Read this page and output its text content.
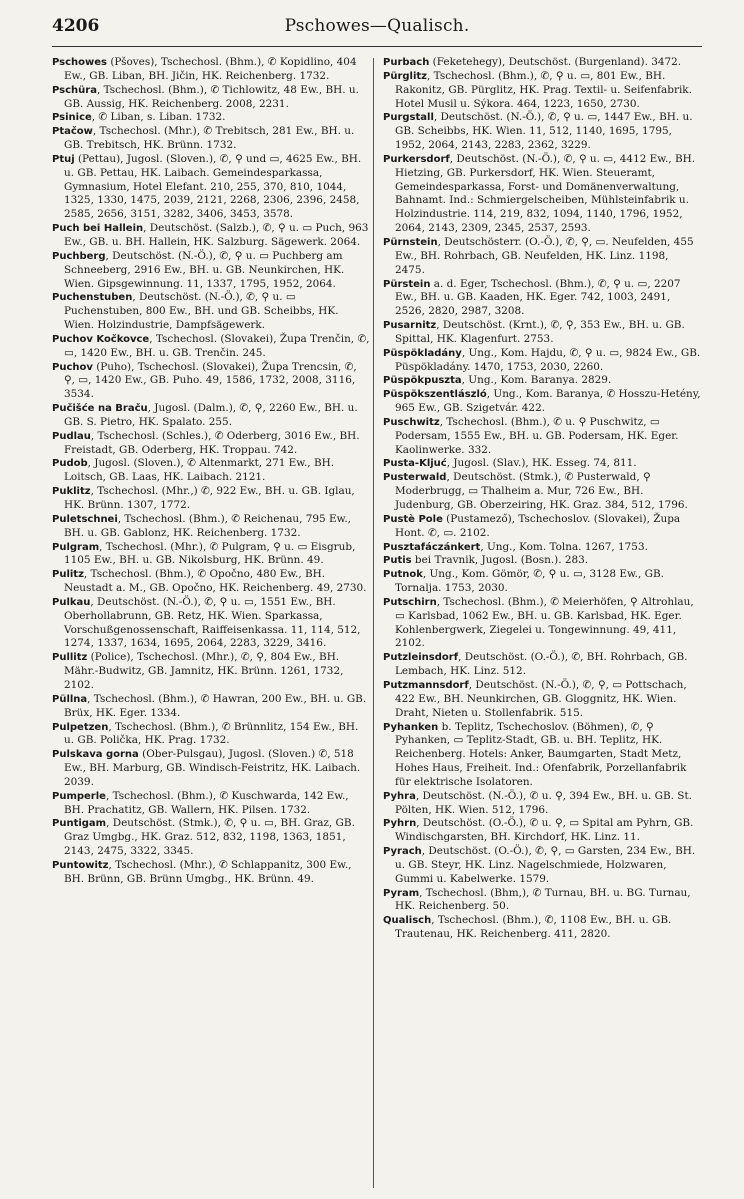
4206	Pschowes—Qualisch.

Pschowes (Pšoves), Tschechosl. (Bhm.), ✆ Kopidlino, 404 Ew., GB. Liban, BH. Jičin, HK. Reichenberg. 1732.

Pschüra, Tschechosl. (Bhm.), ✆ Tichlowitz, 48 Ew., BH. u. GB. Aussig, HK. Reichenberg. 2008, 2231.

Psinice, ✆ Liban, s. Liban. 1732.

Ptačow, Tschechosl. (Mhr.), ✆ Trebitsch, 281 Ew., BH. u. GB. Trebitsch, HK. Brünn. 1732.

Ptuj (Pettau), Jugosl. (Sloven.), ✆, ⚲ und ▭, 4625 Ew., BH. u. GB. Pettau, HK. Laibach. Gemeindesparkassa, Gymnasium, Hotel Elefant. 210, 255, 370, 810, 1044, 1325, 1330, 1475, 2039, 2121, 2268, 2306, 2396, 2458, 2585, 2656, 3151, 3282, 3406, 3453, 3578.

Puch bei Hallein, Deutschöst. (Salzb.), ✆, ⚲ u. ▭ Puch, 963 Ew., GB. u. BH. Hallein, HK. Salzburg. Sägewerk. 2064.

Puchberg, Deutschöst. (N.-Ö.), ✆, ⚲ u. ▭ Puchberg am Schneeberg, 2916 Ew., BH. u. GB. Neunkirchen, HK. Wien. Gipsgewinnung. 11, 1337, 1795, 1952, 2064.

Puchenstuben, Deutschöst. (N.-Ö.), ✆, ⚲ u. ▭ Puchenstuben, 800 Ew., BH. und GB. Scheibbs, HK. Wien. Holzindustrie, Dampfsägewerk.

Puchov Kočkovce, Tschechosl. (Slovakei), Župa Trenčin, ✆, ▭, 1420 Ew., BH. u. GB. Trenčin. 245.

Puchov (Puho), Tschechosl. (Slovakei), Župa Trencsin, ✆, ⚲, ▭, 1420 Ew., GB. Puho. 49, 1586, 1732, 2008, 3116, 3534.

Pučišće na Braču, Jugosl. (Dalm.), ✆, ⚲, 2260 Ew., BH. u. GB. S. Pietro, HK. Spalato. 255.

Pudlau, Tschechosl. (Schles.), ✆ Oderberg, 3016 Ew., BH. Freistadt, GB. Oderberg, HK. Troppau. 742.

Pudob, Jugosl. (Sloven.), ✆ Altenmarkt, 271 Ew., BH. Loitsch, GB. Laas, HK. Laibach. 2121.

Puklitz, Tschechosl. (Mhr.,) ✆, 922 Ew., BH. u. GB. Iglau, HK. Brünn. 1307, 1772.

Puletschnei, Tschechosl. (Bhm.), ✆ Reichenau, 795 Ew., BH. u. GB. Gablonz, HK. Reichenberg. 1732.

Pulgram, Tschechosl. (Mhr.), ✆ Pulgram, ⚲ u. ▭ Eisgrub, 1105 Ew., BH. u. GB. Nikolsburg, HK. Brünn. 49.

Pulitz, Tschechosl. (Bhm.), ✆ Opočno, 480 Ew., BH. Neustadt a. M., GB. Opočno, HK. Reichenberg. 49, 2730.

Pulkau, Deutschöst. (N.-Ö.), ✆, ⚲ u. ▭, 1551 Ew., BH. Oberhollabrunn, GB. Retz, HK. Wien. Sparkassa, Vorschußgenossenschaft, Raiffeisenkassa. 11, 114, 512, 1274, 1337, 1634, 1695, 2064, 2283, 3229, 3416.

Pullitz (Police), Tschechosl. (Mhr.), ✆, ⚲, 804 Ew., BH. Mähr.-Budwitz, GB. Jamnitz, HK. Brünn. 1261, 1732, 2102.

Püllna, Tschechosl. (Bhm.), ✆ Hawran, 200 Ew., BH. u. GB. Brüx, HK. Eger. 1334.

Pulpetzen, Tschechosl. (Bhm.), ✆ Brünnlitz, 154 Ew., BH. u. GB. Polička, HK. Prag. 1732.

Pulskava gorna (Ober-Pulsgau), Jugosl. (Sloven.) ✆, 518 Ew., BH. Marburg, GB. Windisch-Feistritz, HK. Laibach. 2039.

Pumperle, Tschechosl. (Bhm.), ✆ Kuschwarda, 142 Ew., BH. Prachatitz, GB. Wallern, HK. Pilsen. 1732.

Puntigam, Deutschöst. (Stmk.), ✆, ⚲ u. ▭, BH. Graz, GB. Graz Umgbg., HK. Graz. 512, 832, 1198, 1363, 1851, 2143, 2475, 3322, 3345.

Puntowitz, Tschechosl. (Mhr.), ✆ Schlappanitz, 300 Ew., BH. Brünn, GB. Brünn Umgbg., HK. Brünn. 49.

Purbach (Feketehegy), Deutschöst. (Burgenland). 3472.

Pürglitz, Tschechosl. (Bhm.), ✆, ⚲ u. ▭, 801 Ew., BH. Rakonitz, GB. Pürglitz, HK. Prag. Textil- u. Seifenfabrik. Hotel Musil u. Sýkora. 464, 1223, 1650, 2730.

Purgstall, Deutschöst. (N.-Ö.), ✆, ⚲ u. ▭, 1447 Ew., BH. u. GB. Scheibbs, HK. Wien. 11, 512, 1140, 1695, 1795, 1952, 2064, 2143, 2283, 2362, 3229.

Purkersdorf, Deutschöst. (N.-Ö.), ✆, ⚲ u. ▭, 4412 Ew., BH. Hietzing, GB. Purkersdorf, HK. Wien. Steueramt, Gemeindesparkassa, Forst- und Domänenverwaltung, Bahnamt. Ind.: Schmiergelscheiben, Mühlsteinfabrik u. Holzindustrie. 114, 219, 832, 1094, 1140, 1796, 1952, 2064, 2143, 2309, 2345, 2537, 2593.

Pürnstein, Deutschösterr. (O.-Ö.), ✆, ⚲, ▭. Neufelden, 455 Ew., BH. Rohrbach, GB. Neufelden, HK. Linz. 1198, 2475.

Pürstein a. d. Eger, Tschechosl. (Bhm.), ✆, ⚲ u. ▭, 2207 Ew., BH. u. GB. Kaaden, HK. Eger. 742, 1003, 2491, 2526, 2820, 2987, 3208.

Pusarnitz, Deutschöst. (Krnt.), ✆, ⚲, 353 Ew., BH. u. GB. Spittal, HK. Klagenfurt. 2753.

Püspökladány, Ung., Kom. Hajdu, ✆, ⚲ u. ▭, 9824 Ew., GB. Püspökladány. 1470, 1753, 2030, 2260.

Püspökpuszta, Ung., Kom. Baranya. 2829.

Püspökszentlászló, Ung., Kom. Baranya, ✆ Hosszu-Hetény, 965 Ew., GB. Szigetvár. 422.

Puschwitz, Tschechosl. (Bhm.), ✆ u. ⚲ Puschwitz, ▭ Podersam, 1555 Ew., BH. u. GB. Podersam, HK. Eger. Kaolinwerke. 332.

Pusta-Kljuć, Jugosl. (Slav.), HK. Esseg. 74, 811.

Pusterwald, Deutschöst. (Stmk.), ✆ Pusterwald, ⚲ Moderbrugg, ▭ Thalheim a. Mur, 726 Ew., BH. Judenburg, GB. Oberzeiring, HK. Graz. 384, 512, 1796.

Pustè Pole (Pustamező), Tschechoslov. (Slovakei), Župa Hont. ✆, ▭. 2102.

Pusztafáczánkert, Ung., Kom. Tolna. 1267, 1753.

Putis bei Travnik, Jugosl. (Bosn.). 283.

Putnok, Ung., Kom. Gömör, ✆, ⚲ u. ▭, 3128 Ew., GB. Tornalja. 1753, 2030.

Putschirn, Tschechosl. (Bhm.), ✆ Meierhöfen, ⚲ Altrohlau, ▭ Karlsbad, 1062 Ew., BH. u. GB. Karlsbad, HK. Eger. Kohlenbergwerk, Ziegelei u. Tongewinnung. 49, 411, 2102.

Putzleinsdorf, Deutschöst. (O.-Ö.), ✆, BH. Rohrbach, GB. Lembach, HK. Linz. 512.

Putzmannsdorf, Deutschöst. (N.-Ö.), ✆, ⚲, ▭ Pottschach, 422 Ew., BH. Neunkirchen, GB. Gloggnitz, HK. Wien. Draht, Nieten u. Stollenfabrik. 515.

Pyhanken b. Teplitz, Tschechoslov. (Böhmen), ✆, ⚲ Pyhanken, ▭ Teplitz-Stadt, GB. u. BH. Teplitz, HK. Reichenberg. Hotels: Anker, Baumgarten, Stadt Metz, Hohes Haus, Freiheit. Ind.: Ofenfabrik, Porzellanfabrik für elektrische Isolatoren.

Pyhra, Deutschöst. (N.-Ö.), ✆ u. ⚲, 394 Ew., BH. u. GB. St. Pölten, HK. Wien. 512, 1796.

Pyhrn, Deutschöst. (O.-Ö.), ✆ u. ⚲, ▭ Spital am Pyhrn, GB. Windischgarsten, BH. Kirchdorf, HK. Linz. 11.

Pyrach, Deutschöst. (O.-Ö.), ✆, ⚲, ▭ Garsten, 234 Ew., BH. u. GB. Steyr, HK. Linz. Nagelschmiede, Holzwaren, Gummi u. Kabelwerke. 1579.

Pyram, Tschechosl. (Bhm,), ✆ Turnau, BH. u. BG. Turnau, HK. Reichenberg. 50.

Qualisch, Tschechosl. (Bhm.), ✆, 1108 Ew., BH. u. GB. Trautenau, HK. Reichenberg. 411, 2820.
